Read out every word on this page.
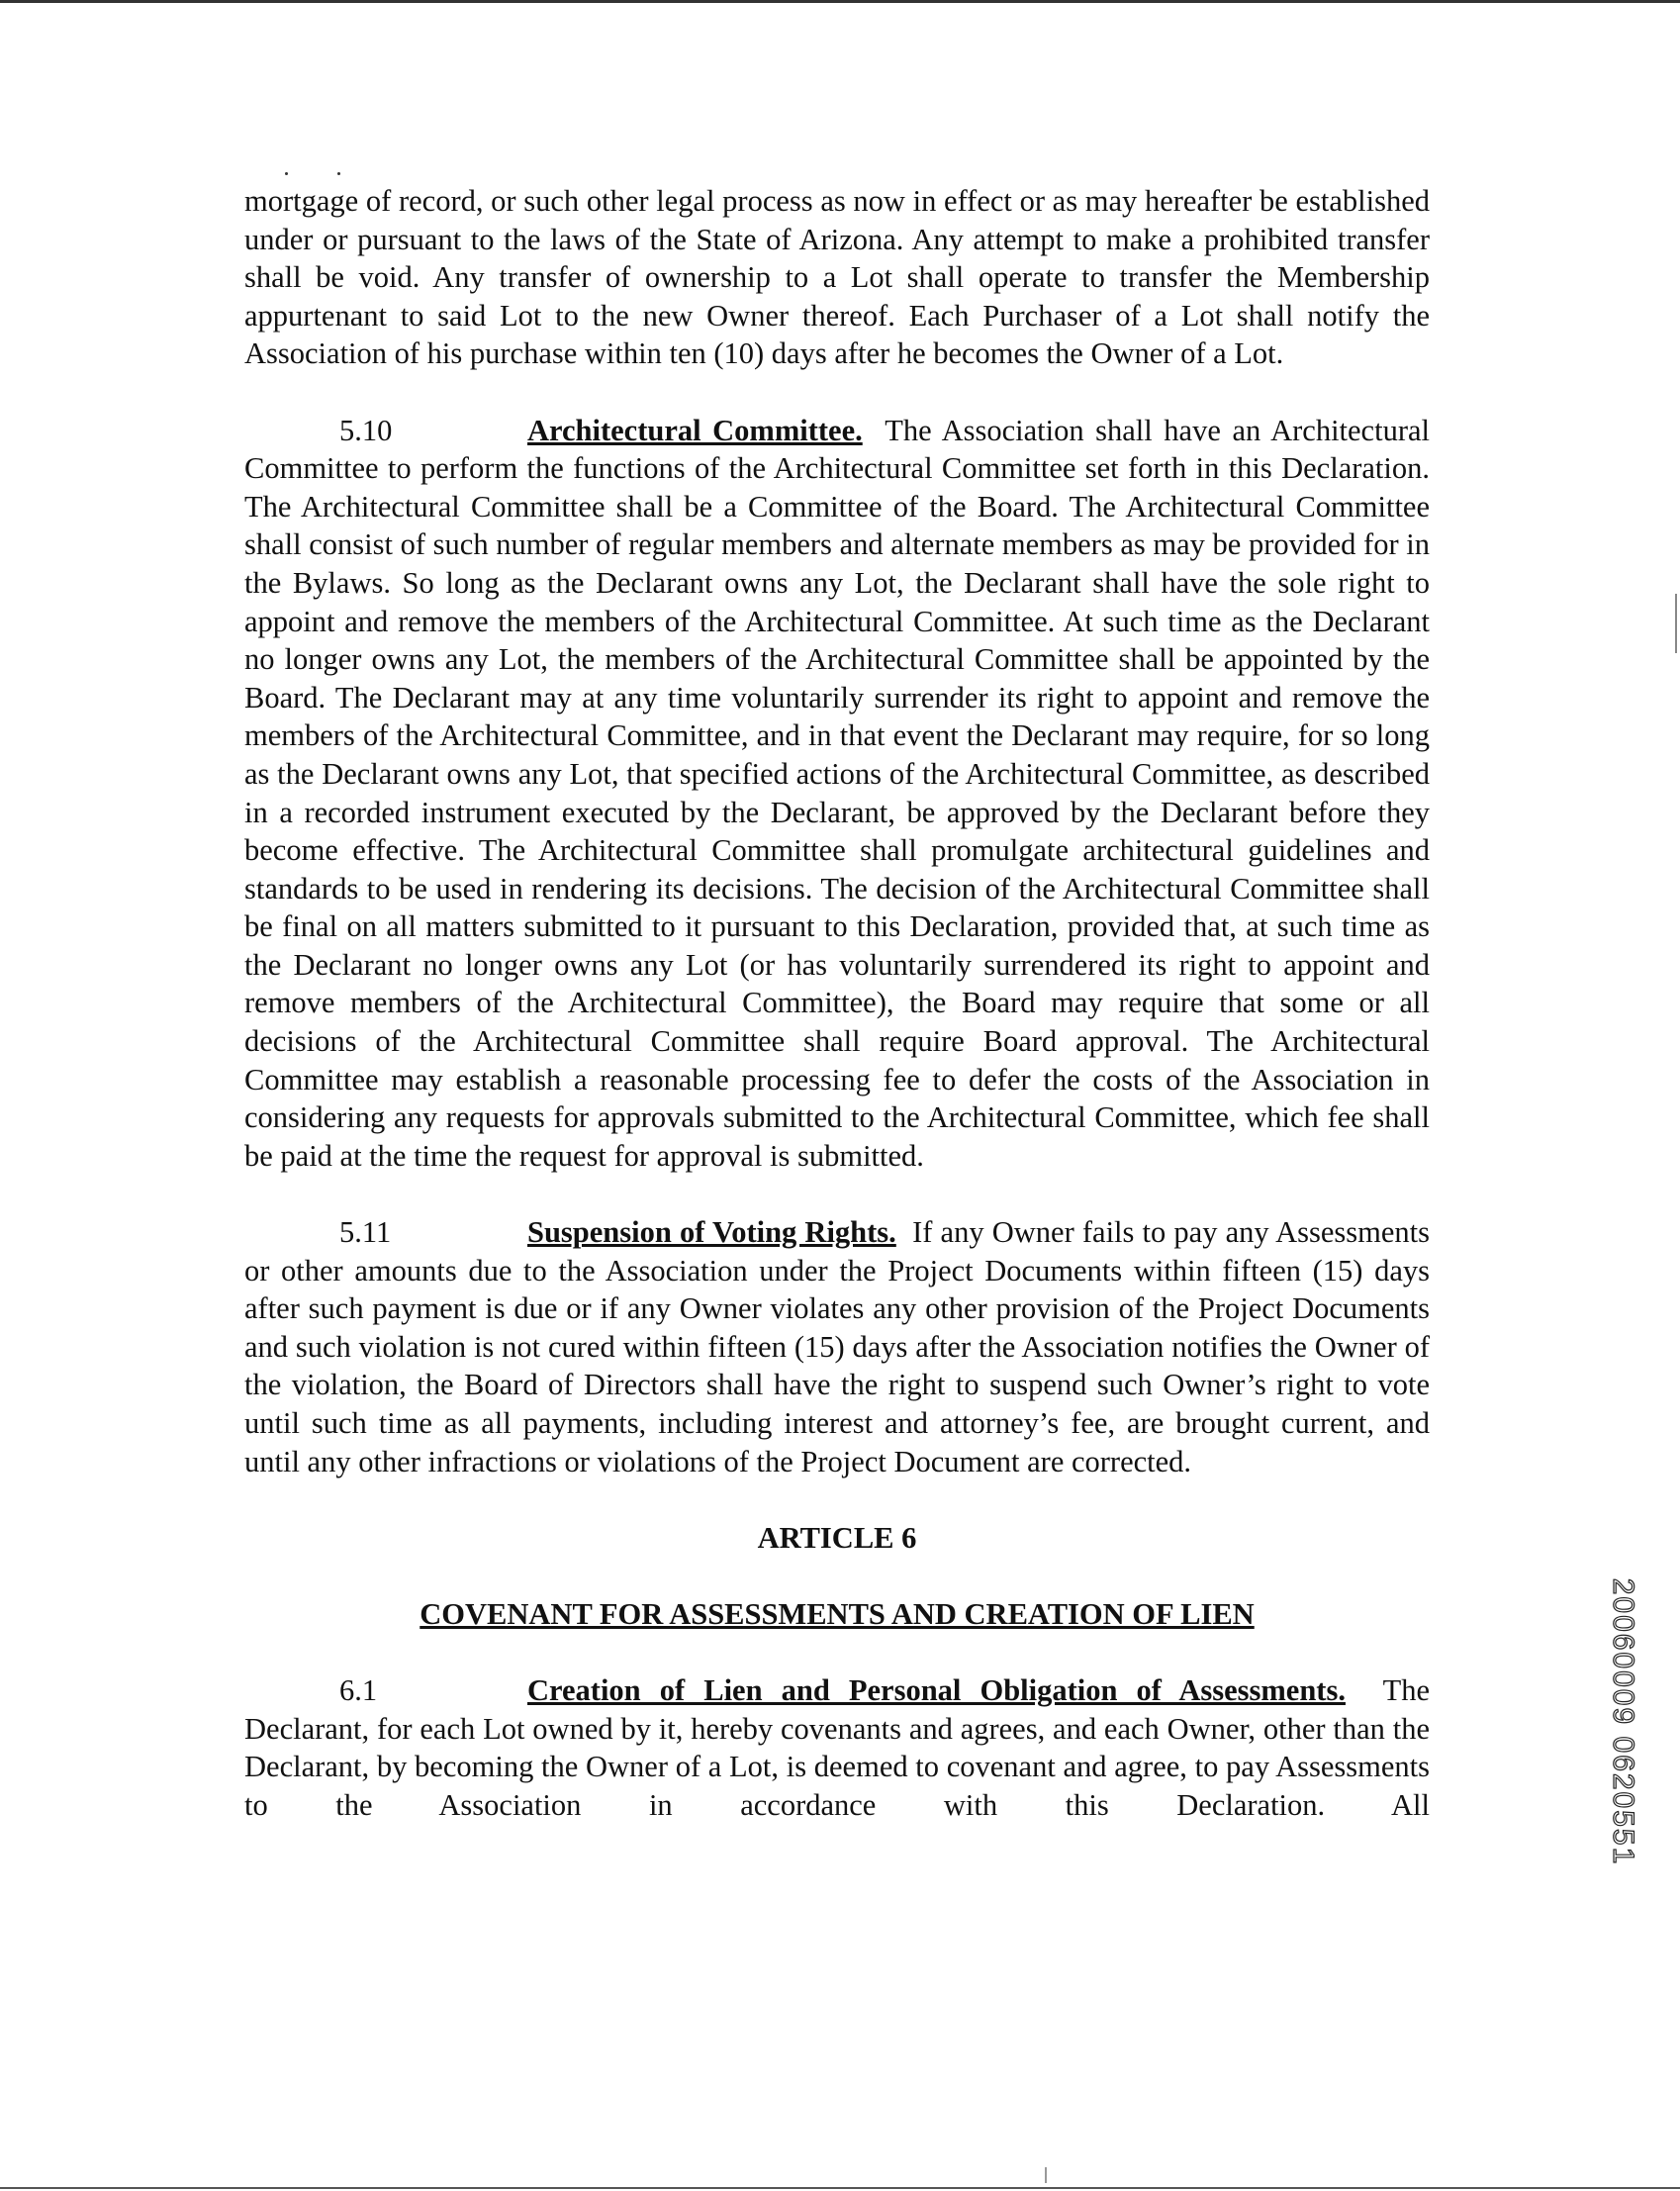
mortgage of record, or such other legal process as now in effect or as may hereafter be established under or pursuant to the laws of the State of Arizona. Any attempt to make a prohibited transfer shall be void. Any transfer of ownership to a Lot shall operate to transfer the Membership appurtenant to said Lot to the new Owner thereof. Each Purchaser of a Lot shall notify the Association of his purchase within ten (10) days after he becomes the Owner of a Lot.

5.10	Architectural Committee. The Association shall have an Architectural Committee to perform the functions of the Architectural Committee set forth in this Declaration. The Architectural Committee shall be a Committee of the Board. The Architectural Committee shall consist of such number of regular members and alternate members as may be provided for in the Bylaws. So long as the Declarant owns any Lot, the Declarant shall have the sole right to appoint and remove the members of the Architectural Committee. At such time as the Declarant no longer owns any Lot, the members of the Architectural Committee shall be appointed by the Board. The Declarant may at any time voluntarily surrender its right to appoint and remove the members of the Architectural Committee, and in that event the Declarant may require, for so long as the Declarant owns any Lot, that specified actions of the Architectural Committee, as described in a recorded instrument executed by the Declarant, be approved by the Declarant before they become effective. The Architectural Committee shall promulgate architectural guidelines and standards to be used in rendering its decisions. The decision of the Architectural Committee shall be final on all matters submitted to it pursuant to this Declaration, provided that, at such time as the Declarant no longer owns any Lot (or has voluntarily surrendered its right to appoint and remove members of the Architectural Committee), the Board may require that some or all decisions of the Architectural Committee shall require Board approval. The Architectural Committee may establish a reasonable processing fee to defer the costs of the Association in considering any requests for approvals submitted to the Architectural Committee, which fee shall be paid at the time the request for approval is submitted.

5.11	Suspension of Voting Rights. If any Owner fails to pay any Assessments or other amounts due to the Association under the Project Documents within fifteen (15) days after such payment is due or if any Owner violates any other provision of the Project Documents and such violation is not cured within fifteen (15) days after the Association notifies the Owner of the violation, the Board of Directors shall have the right to suspend such Owner’s right to vote until such time as all payments, including interest and attorney’s fee, are brought current, and until any other infractions or violations of the Project Document are corrected.

ARTICLE 6

COVENANT FOR ASSESSMENTS AND CREATION OF LIEN

6.1	Creation of Lien and Personal Obligation of Assessments. The Declarant, for each Lot owned by it, hereby covenants and agrees, and each Owner, other than the Declarant, by becoming the Owner of a Lot, is deemed to covenant and agree, to pay Assessments to the Association in accordance with this Declaration. All	20060009 0620551
